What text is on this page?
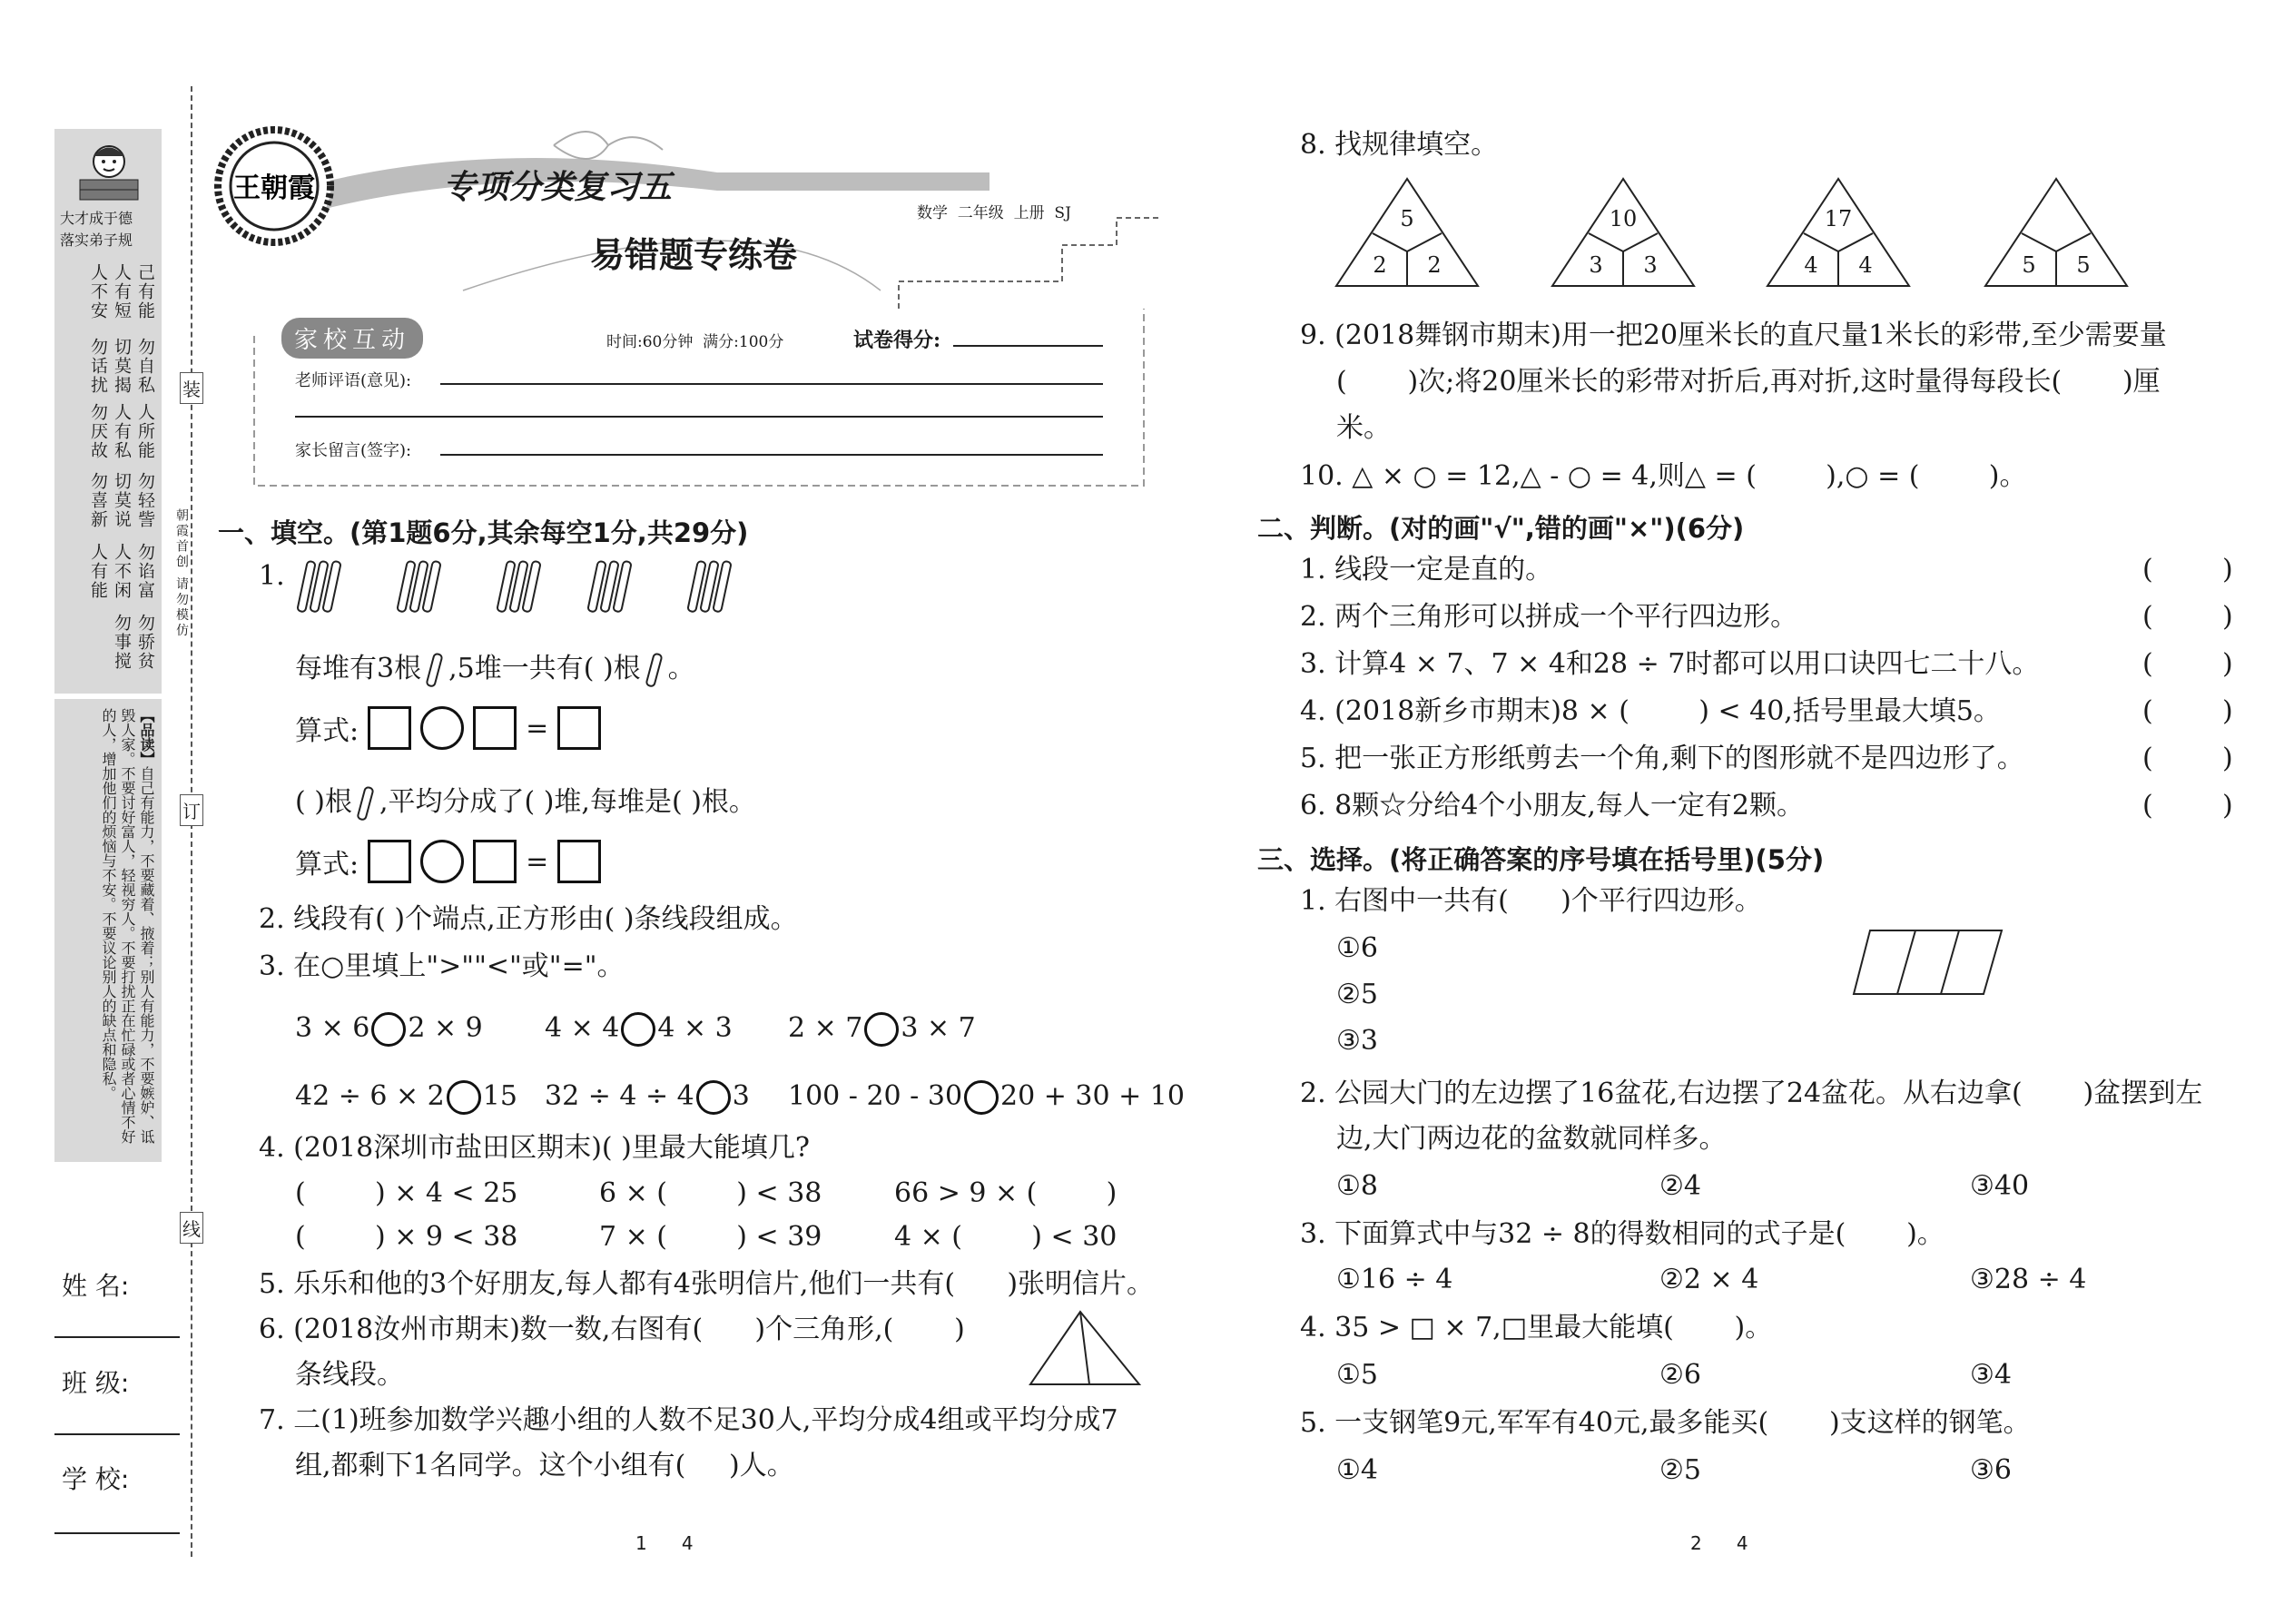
大才成于德
落实弟子规
己有能
勿自私
人所能
勿轻訾
勿谄富
勿骄贫
人有短
切莫揭
人有私
切莫说
人不闲
勿事搅
人不安
勿话扰
勿厌故
勿喜新
人有能
【品读】自己有能力，不要藏着、掖着；别人有能力，不要嫉妒、诋毁人家。不要讨好富人，轻视穷人。不要打扰正在忙碌或者心情不好的人，增加他们的烦恼与不安。不要议论别人的缺点和隐私。
姓 名:
班 级:
学 校:
装
订
线
朝霞首创 请勿模仿
王朝霞	专项分类复习五
数学  二年级  上册  SJ
易错题专练卷
家校互动	时间:60分钟  满分:100分	试卷得分:
老师评语(意见):
家长留言(签字):
一、填空。(第1题6分,其余每空1分,共29分)
1.
每堆有3根 ,5堆一共有( )根 。
算式:	=
( )根 ,平均分成了( )堆,每堆是( )根。
算式:	=
2. 线段有( )个端点,正方形由( )条线段组成。
3. 在○里填上">""<"或"="。
3 × 6 2 × 9 4 × 4 4 × 3 2 × 7 3 × 7
42 ÷ 6 × 2 15 32 ÷ 4 ÷ 4 3 100 - 20 - 30 20 + 30 + 10
4. (2018深圳市盐田区期末)( )里最大能填几?
(        ) × 4 < 25	6 × (        ) < 38	66 > 9 × (        )
(        ) × 9 < 38	7 × (        ) < 39	4 × (        ) < 30
5. 乐乐和他的3个好朋友,每人都有4张明信片,他们一共有(      )张明信片。
6. (2018汝州市期末)数一数,右图有(      )个三角形,(       )
条线段。
7. 二(1)班参加数学兴趣小组的人数不足30人,平均分成4组或平均分成7
组,都剩下1名同学。这个小组有(     )人。
1      4
8. 找规律填空。
5
2	2
10
3	3
17
4	4	5	5
9. (2018舞钢市期末)用一把20厘米长的直尺量1米长的彩带,至少需要量
(       )次;将20厘米长的彩带对折后,再对折,这时量得每段长(       )厘
米。
10. △ × ○ = 12,△ - ○ = 4,则△ = (        ),○ = (        )。
二、判断。(对的画"√",错的画"×")(6分)
1. 线段一定是直的。	(        )
2. 两个三角形可以拼成一个平行四边形。	(        )
3. 计算4 × 7、7 × 4和28 ÷ 7时都可以用口诀四七二十八。	(        )
4. (2018新乡市期末)8 × (        ) < 40,括号里最大填5。	(        )
5. 把一张正方形纸剪去一个角,剩下的图形就不是四边形了。	(        )
6. 8颗☆分给4个小朋友,每人一定有2颗。	(        )
三、选择。(将正确答案的序号填在括号里)(5分)
1. 右图中一共有(      )个平行四边形。
①6
②5
③3
2. 公园大门的左边摆了16盆花,右边摆了24盆花。从右边拿(       )盆摆到左
边,大门两边花的盆数就同样多。
①8	②4	③40
3. 下面算式中与32 ÷ 8的得数相同的式子是(       )。
①16 ÷ 4	②2 × 4	③28 ÷ 4
4. 35 > □ × 7,□里最大能填(       )。
①5	②6	③4
5. 一支钢笔9元,军军有40元,最多能买(       )支这样的钢笔。
①4	②5	③6
2      4
